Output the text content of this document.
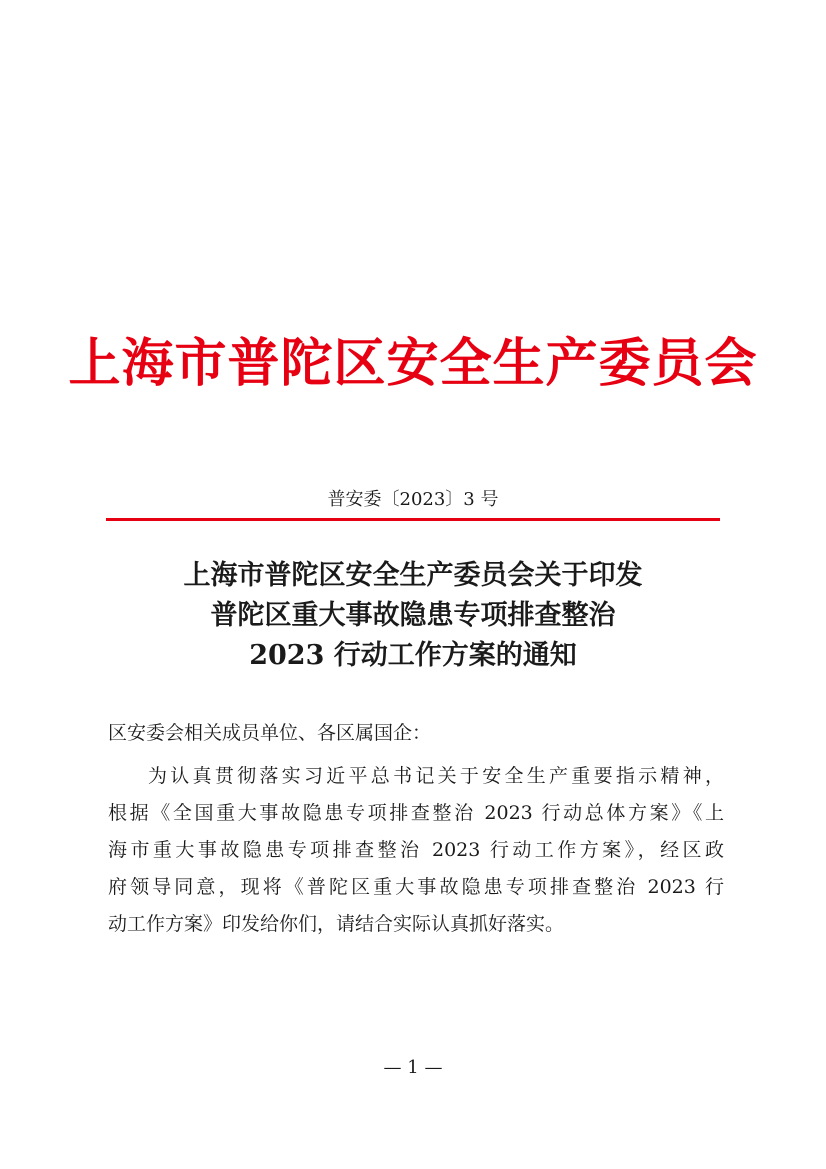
上海市普陀区安全生产委员会
普安委〔2023〕3 号
上海市普陀区安全生产委员会关于印发
普陀区重大事故隐患专项排查整治
2023 行动工作方案的通知
区安委会相关成员单位、各区属国企：
为认真贯彻落实习近平总书记关于安全生产重要指示精神，
根据《全国重大事故隐患专项排查整治 2023 行动总体方案》《上
海市重大事故隐患专项排查整治 2023 行动工作方案》，经区政
府领导同意，现将《普陀区重大事故隐患专项排查整治 2023 行
动工作方案》印发给你们，请结合实际认真抓好落实。
— 1 —
